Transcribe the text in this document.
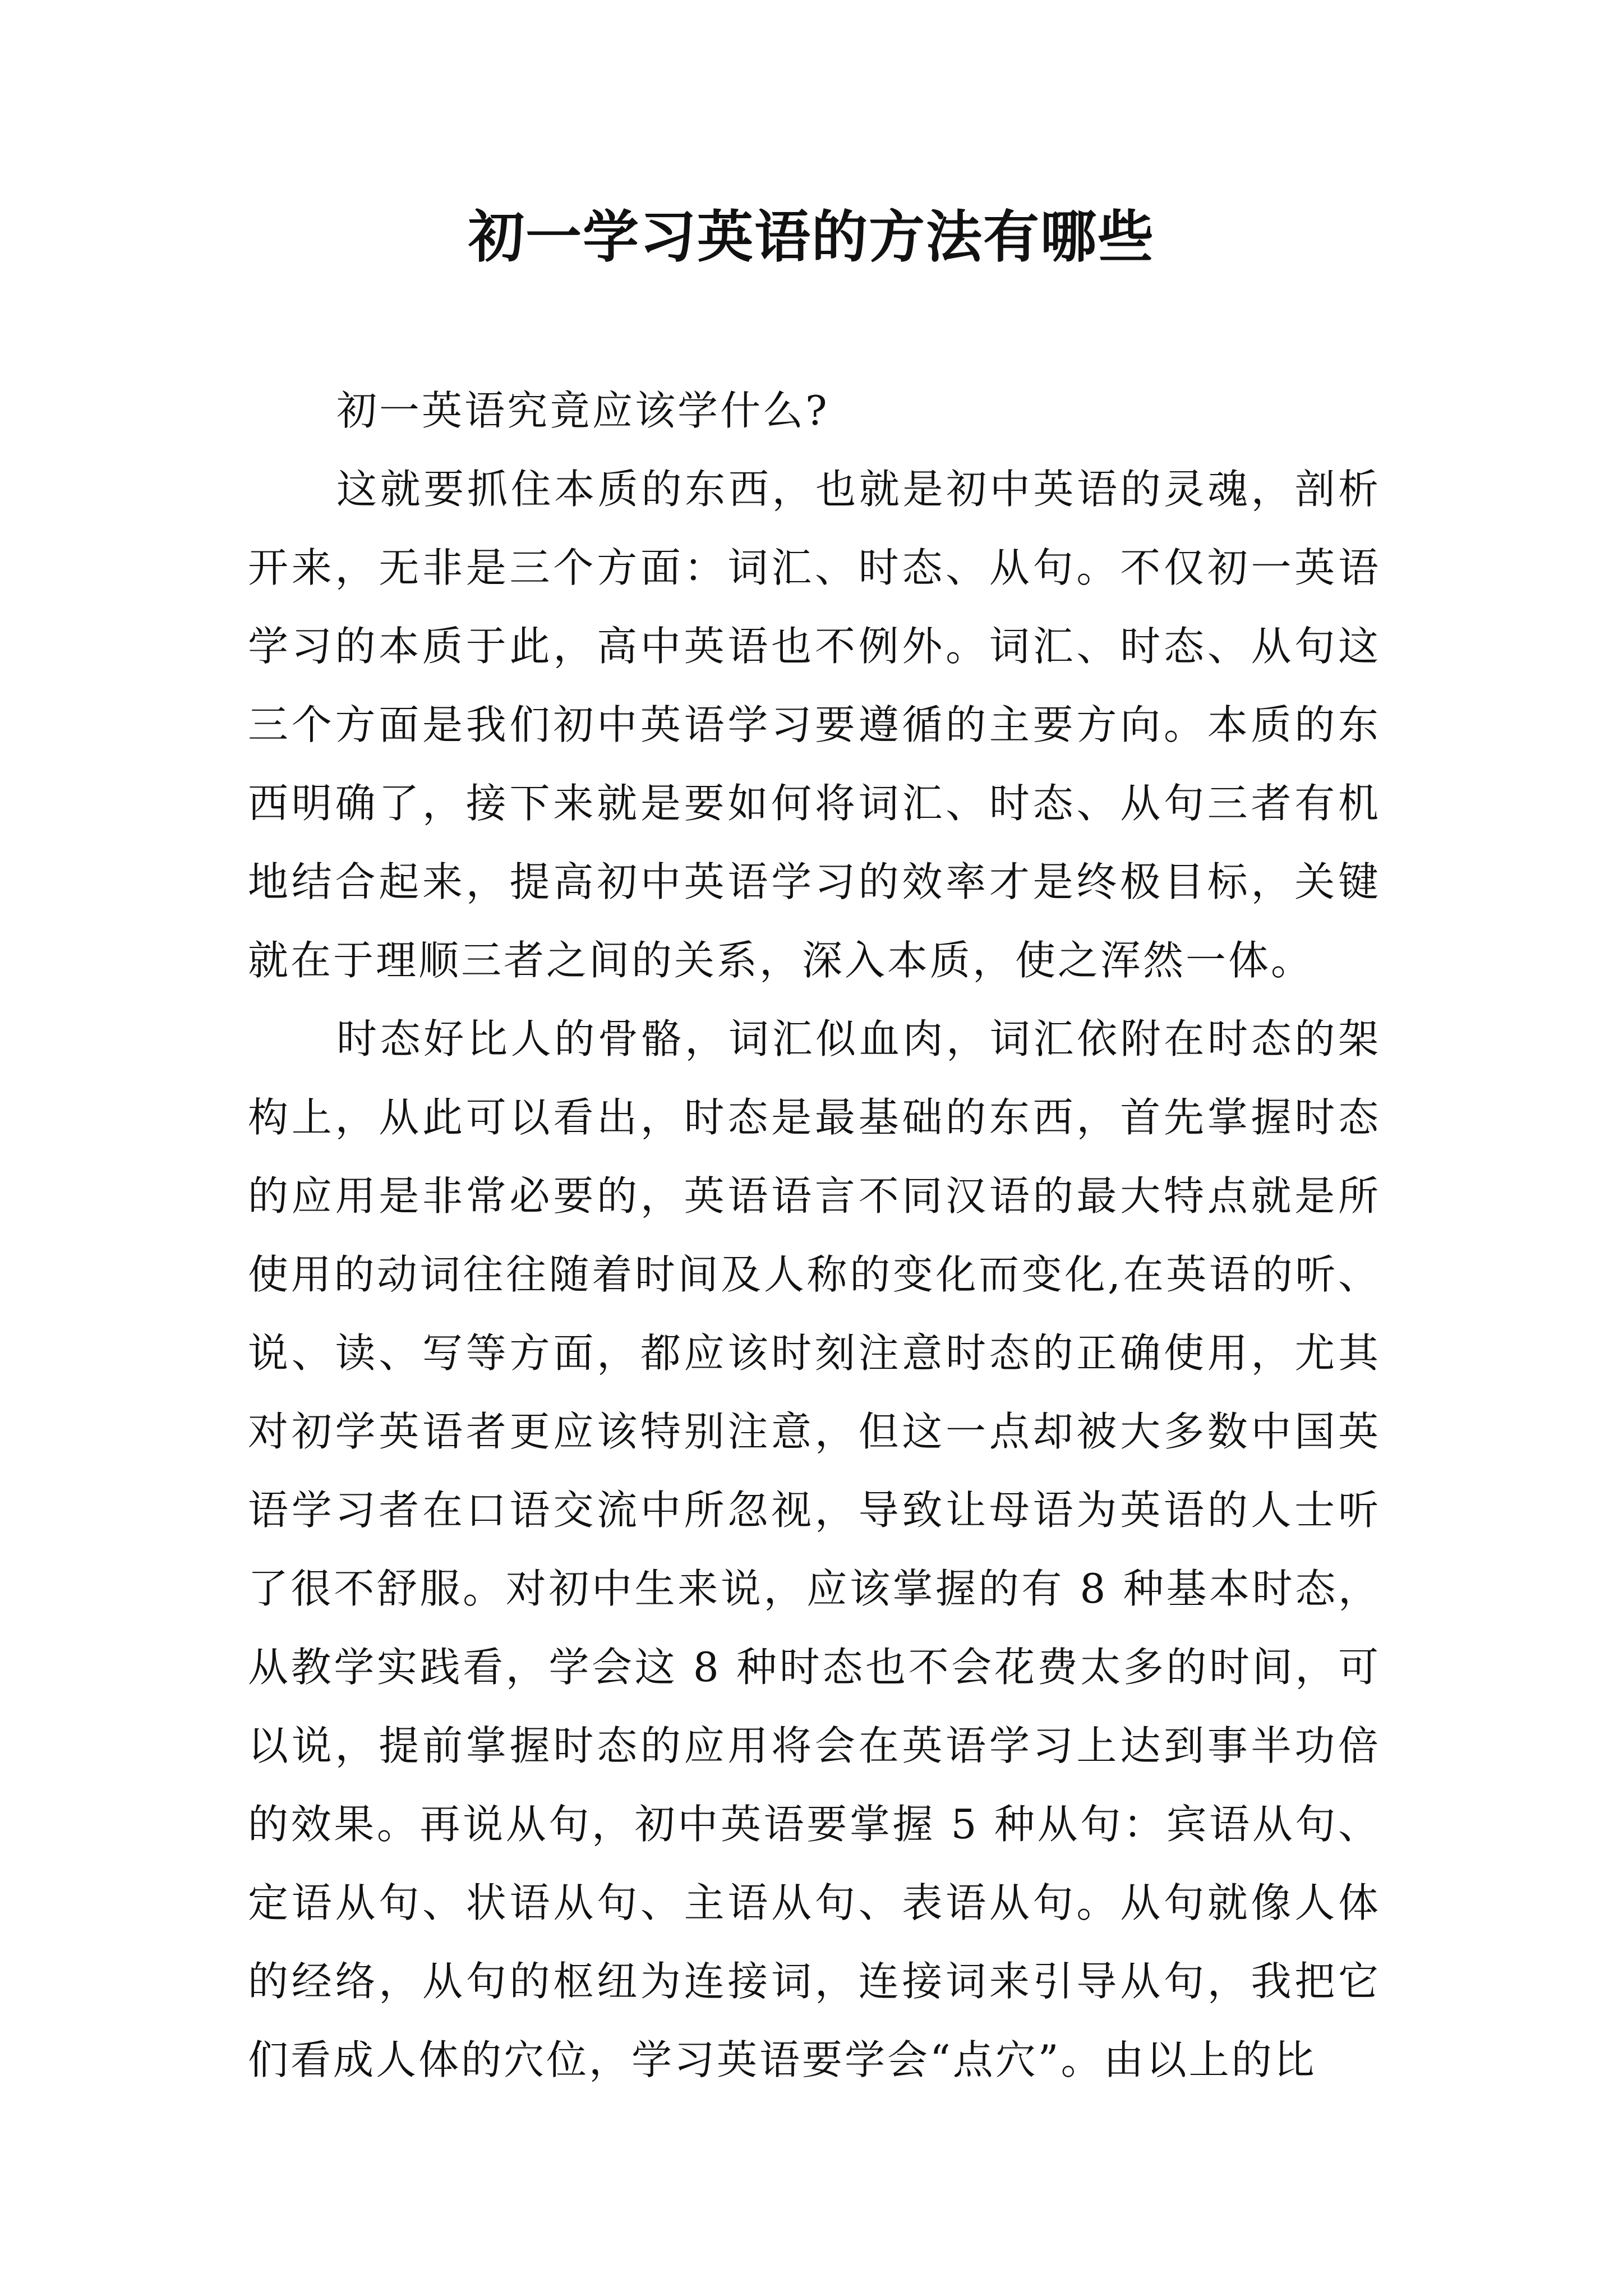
初一学习英语的方法有哪些

初一英语究竟应该学什么?

这就要抓住本质的东西，也就是初中英语的灵魂，剖析开来，无非是三个方面：词汇、时态、从句。不仅初一英语学习的本质于此，高中英语也不例外。词汇、时态、从句这三个方面是我们初中英语学习要遵循的主要方向。本质的东西明确了，接下来就是要如何将词汇、时态、从句三者有机地结合起来，提高初中英语学习的效率才是终极目标，关键就在于理顺三者之间的关系，深入本质，使之浑然一体。

时态好比人的骨骼，词汇似血肉，词汇依附在时态的架构上，从此可以看出，时态是最基础的东西，首先掌握时态的应用是非常必要的，英语语言不同汉语的最大特点就是所使用的动词往往随着时间及人称的变化而变化,在英语的听、说、读、写等方面，都应该时刻注意时态的正确使用，尤其对初学英语者更应该特别注意，但这一点却被大多数中国英语学习者在口语交流中所忽视，导致让母语为英语的人士听了很不舒服。对初中生来说，应该掌握的有 8 种基本时态，从教学实践看，学会这 8 种时态也不会花费太多的时间，可以说，提前掌握时态的应用将会在英语学习上达到事半功倍的效果。再说从句，初中英语要掌握 5 种从句：宾语从句、定语从句、状语从句、主语从句、表语从句。从句就像人体的经络，从句的枢纽为连接词，连接词来引导从句，我把它们看成人体的穴位，学习英语要学会“点穴”。由以上的比
